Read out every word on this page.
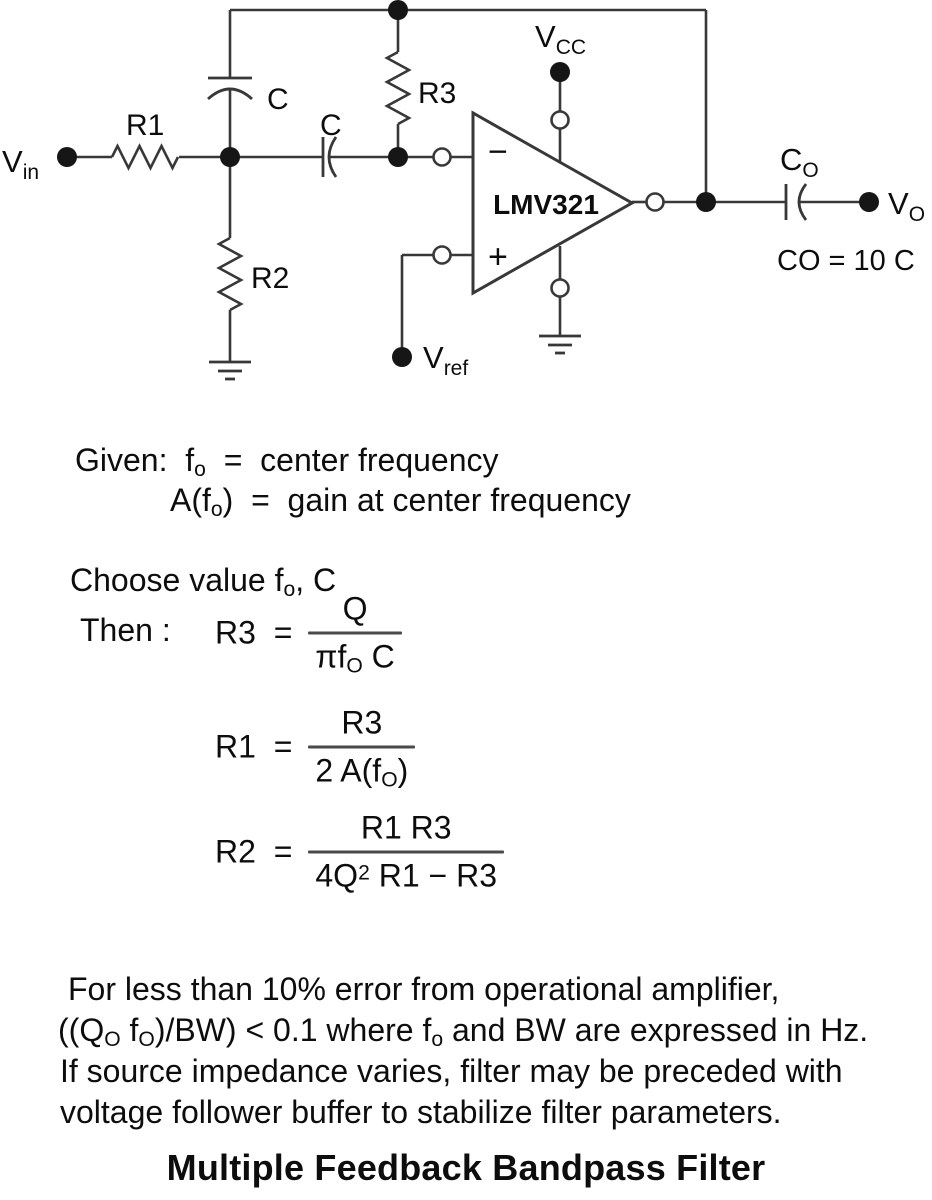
$V_{in}$
R1
C
C
R3
R2
−
+
LMV321
$V_{CC}$
$V_{ref}$
$C_O$
$V_O$
CO = 10 C
Given:  fo  =  center frequency
A(fo)  =  gain at center frequency
Choose value fo, C
Then : $R3 = \frac{Q}{\text{πfO C}}$
$R1 = \frac{R3}{2 A(fO)}$
$R2 = \frac{R1 R3}{4Q^2 R1 - R3}$
For less than 10% error from operational amplifier,
((QO fO)/BW) < 0.1 where fo and BW are expressed in Hz.
If source impedance varies, filter may be preceded with
voltage follower buffer to stabilize filter parameters.
Multiple Feedback Bandpass Filter
